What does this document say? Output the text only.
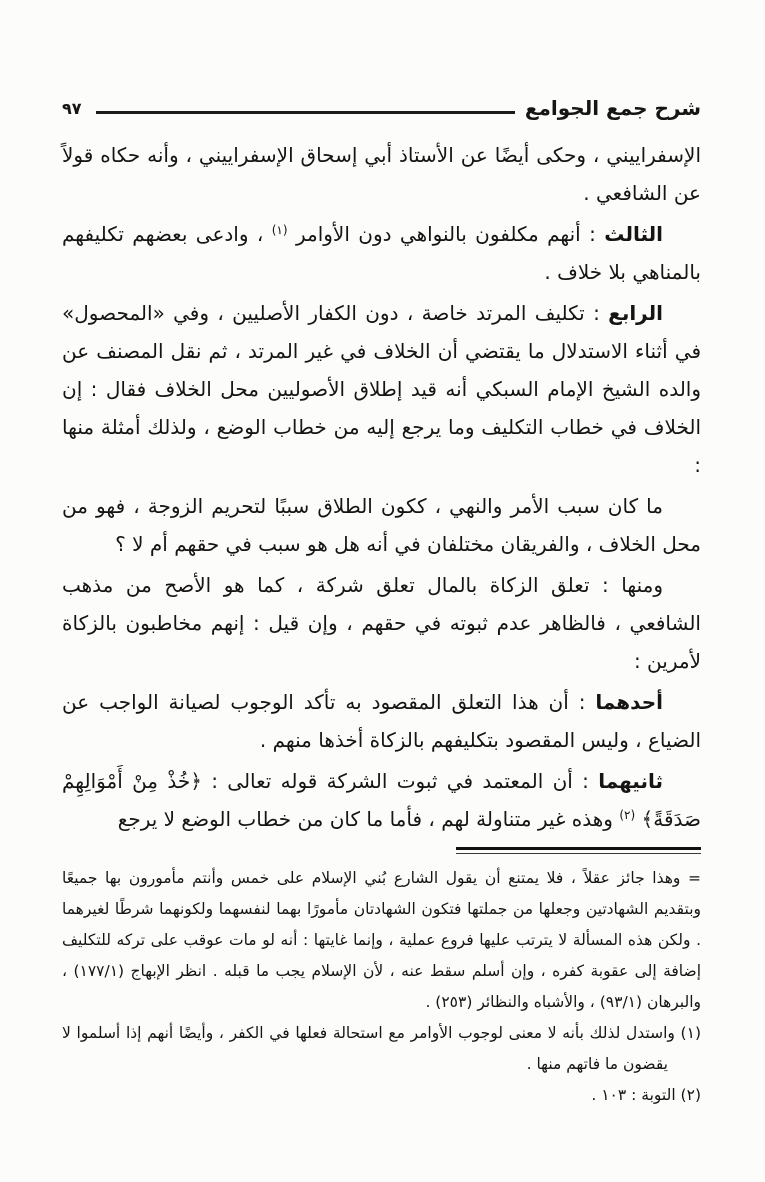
شرح جمع الجوامع
٩٧

الإسفراييني ، وحكى أيضًا عن الأستاذ أبي إسحاق الإسفراييني ، وأنه حكاه قولاً عن الشافعي .

الثالث : أنهم مكلفون بالنواهي دون الأوامر $^{(١)}$ ، وادعى بعضهم تكليفهم بالمناهي بلا خلاف .

الرابع : تكليف المرتد خاصة ، دون الكفار الأصليين ، وفي «المحصول» في أثناء الاستدلال ما يقتضي أن الخلاف في غير المرتد ، ثم نقل المصنف عن والده الشيخ الإمام السبكي أنه قيد إطلاق الأصوليين محل الخلاف فقال : إن الخلاف في خطاب التكليف وما يرجع إليه من خطاب الوضع ، ولذلك أمثلة منها :

ما كان سبب الأمر والنهي ، ككون الطلاق سببًا لتحريم الزوجة ، فهو من محل الخلاف ، والفريقان مختلفان في أنه هل هو سبب في حقهم أم لا ؟

ومنها : تعلق الزكاة بالمال تعلق شركة ، كما هو الأصح من مذهب الشافعي ، فالظاهر عدم ثبوته في حقهم ، وإن قيل : إنهم مخاطبون بالزكاة لأمرين :

أحدهما : أن هذا التعلق المقصود به تأكد الوجوب لصيانة الواجب عن الضياع ، وليس المقصود بتكليفهم بالزكاة أخذها منهم .

ثانيهما : أن المعتمد في ثبوت الشركة قوله تعالى : ﴿خُذْ مِنْ أَمْوَالِهِمْ صَدَقَةً﴾ $^{(٢)}$ وهذه غير متناولة لهم ، فأما ما كان من خطاب الوضع لا يرجع

= وهذا جائز عقلاً ، فلا يمتنع أن يقول الشارع بُني الإسلام على خمس وأنتم مأمورون بها جميعًا وبتقديم الشهادتين وجعلها من جملتها فتكون الشهادتان مأمورًا بهما لنفسهما ولكونهما شرطًا لغيرهما . ولكن هذه المسألة لا يترتب عليها فروع عملية ، وإنما غايتها : أنه لو مات عوقب على تركه للتكليف إضافة إلى عقوبة كفره ، وإن أسلم سقط عنه ، لأن الإسلام يجب ما قبله . انظر الإبهاج (١٧٧/١) ، والبرهان (٩٣/١) ، والأشباه والنظائر (٢٥٣) .

(١) واستدل لذلك بأنه لا معنى لوجوب الأوامر مع استحالة فعلها في الكفر ، وأيضًا أنهم إذا أسلموا لا يقضون ما فاتهم منها .

(٢) التوبة : ١٠٣ .
